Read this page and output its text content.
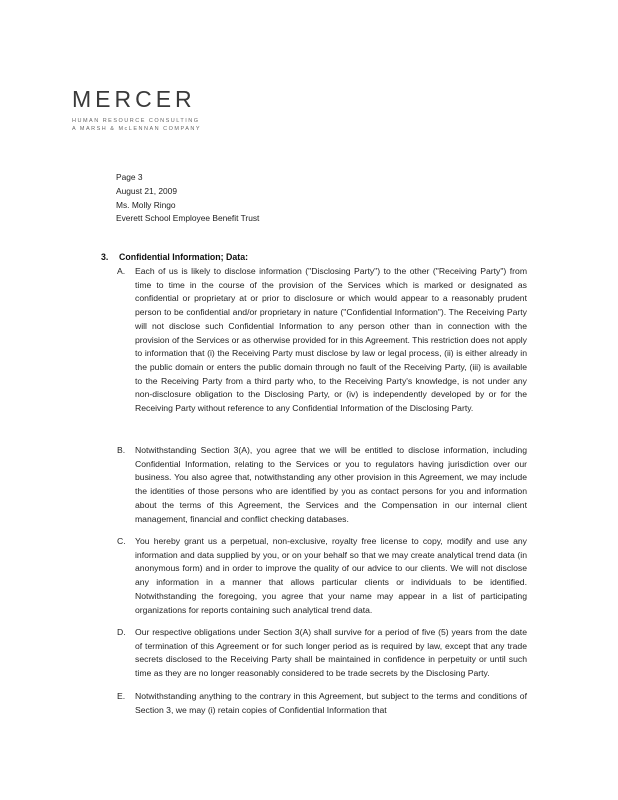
MERCER
HUMAN RESOURCE CONSULTING
A MARSH & McLENNAN COMPANY
Page 3
August 21, 2009
Ms. Molly Ringo
Everett School Employee Benefit Trust
3. Confidential Information; Data:
A.	Each of us is likely to disclose information ("Disclosing Party") to the other ("Receiving Party") from time to time in the course of the provision of the Services which is marked or designated as confidential or proprietary at or prior to disclosure or which would appear to a reasonably prudent person to be confidential and/or proprietary in nature ("Confidential Information"). The Receiving Party will not disclose such Confidential Information to any person other than in connection with the provision of the Services or as otherwise provided for in this Agreement. This restriction does not apply to information that (i) the Receiving Party must disclose by law or legal process, (ii) is either already in the public domain or enters the public domain through no fault of the Receiving Party, (iii) is available to the Receiving Party from a third party who, to the Receiving Party's knowledge, is not under any non-disclosure obligation to the Disclosing Party, or (iv) is independently developed by or for the Receiving Party without reference to any Confidential Information of the Disclosing Party.
B.	Notwithstanding Section 3(A), you agree that we will be entitled to disclose information, including Confidential Information, relating to the Services or you to regulators having jurisdiction over our business. You also agree that, notwithstanding any other provision in this Agreement, we may include the identities of those persons who are identified by you as contact persons for you and information about the terms of this Agreement, the Services and the Compensation in our internal client management, financial and conflict checking databases.
C.	You hereby grant us a perpetual, non-exclusive, royalty free license to copy, modify and use any information and data supplied by you, or on your behalf so that we may create analytical trend data (in anonymous form) and in order to improve the quality of our advice to our clients. We will not disclose any information in a manner that allows particular clients or individuals to be identified. Notwithstanding the foregoing, you agree that your name may appear in a list of participating organizations for reports containing such analytical trend data.
D.	Our respective obligations under Section 3(A) shall survive for a period of five (5) years from the date of termination of this Agreement or for such longer period as is required by law, except that any trade secrets disclosed to the Receiving Party shall be maintained in confidence in perpetuity or until such time as they are no longer reasonably considered to be trade secrets by the Disclosing Party.
E.	Notwithstanding anything to the contrary in this Agreement, but subject to the terms and conditions of Section 3, we may (i) retain copies of Confidential Information that
